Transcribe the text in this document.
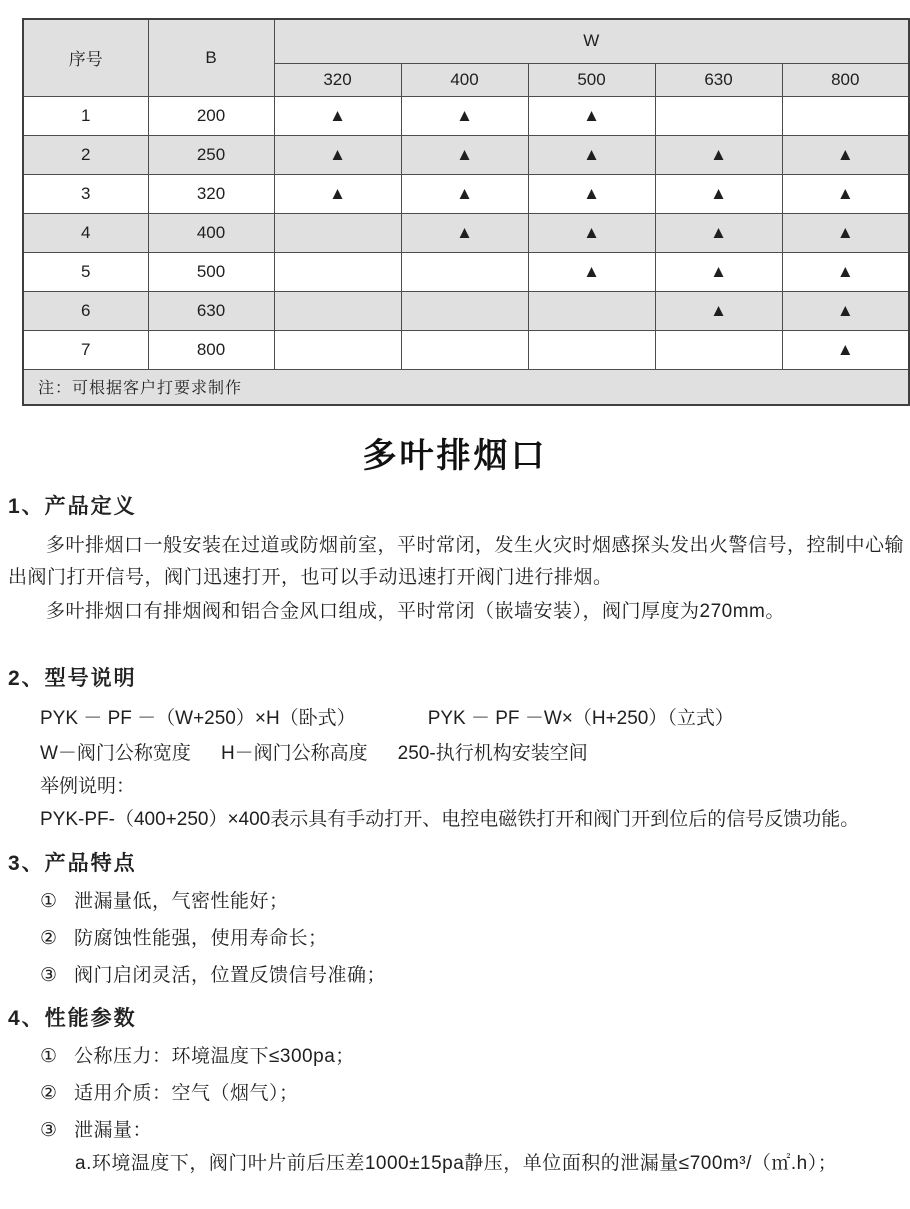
序号	B	W				
		320	400	500	630	800
1	200	▲	▲	▲		
2	250	▲	▲	▲	▲	▲
3	320	▲	▲	▲	▲	▲
4	400		▲	▲	▲	▲
5	500			▲	▲	▲
6	630				▲	▲
7	800					▲
注：可根据客户打要求制作						
多叶排烟口
1、产品定义

多叶排烟口一般安装在过道或防烟前室，平时常闭，发生火灾时烟感探头发出火警信号，控制中心输出阀门打开信号，阀门迅速打开，也可以手动迅速打开阀门进行排烟。

多叶排烟口有排烟阀和铝合金风口组成，平时常闭（嵌墙安装），阀门厚度为270mm。

2、型号说明
PYK － PF －（W+250）×H（卧式）	PYK － PF －W×（H+250）（立式）
W－阀门公称宽度 H－阀门公称高度 250-执行机构安装空间
举例说明：
PYK-PF-（400+250）×400表示具有手动打开、电控电磁铁打开和阀门开到位后的信号反馈功能。
3、产品特点
① 泄漏量低，气密性能好；
② 防腐蚀性能强，使用寿命长；
③ 阀门启闭灵活，位置反馈信号准确；
4、性能参数
① 公称压力：环境温度下≤300pa；
② 适用介质：空气（烟气）；
③ 泄漏量：
a.环境温度下，阀门叶片前后压差1000±15pa静压，单位面积的泄漏量≤700m³/（㎡.h）；
